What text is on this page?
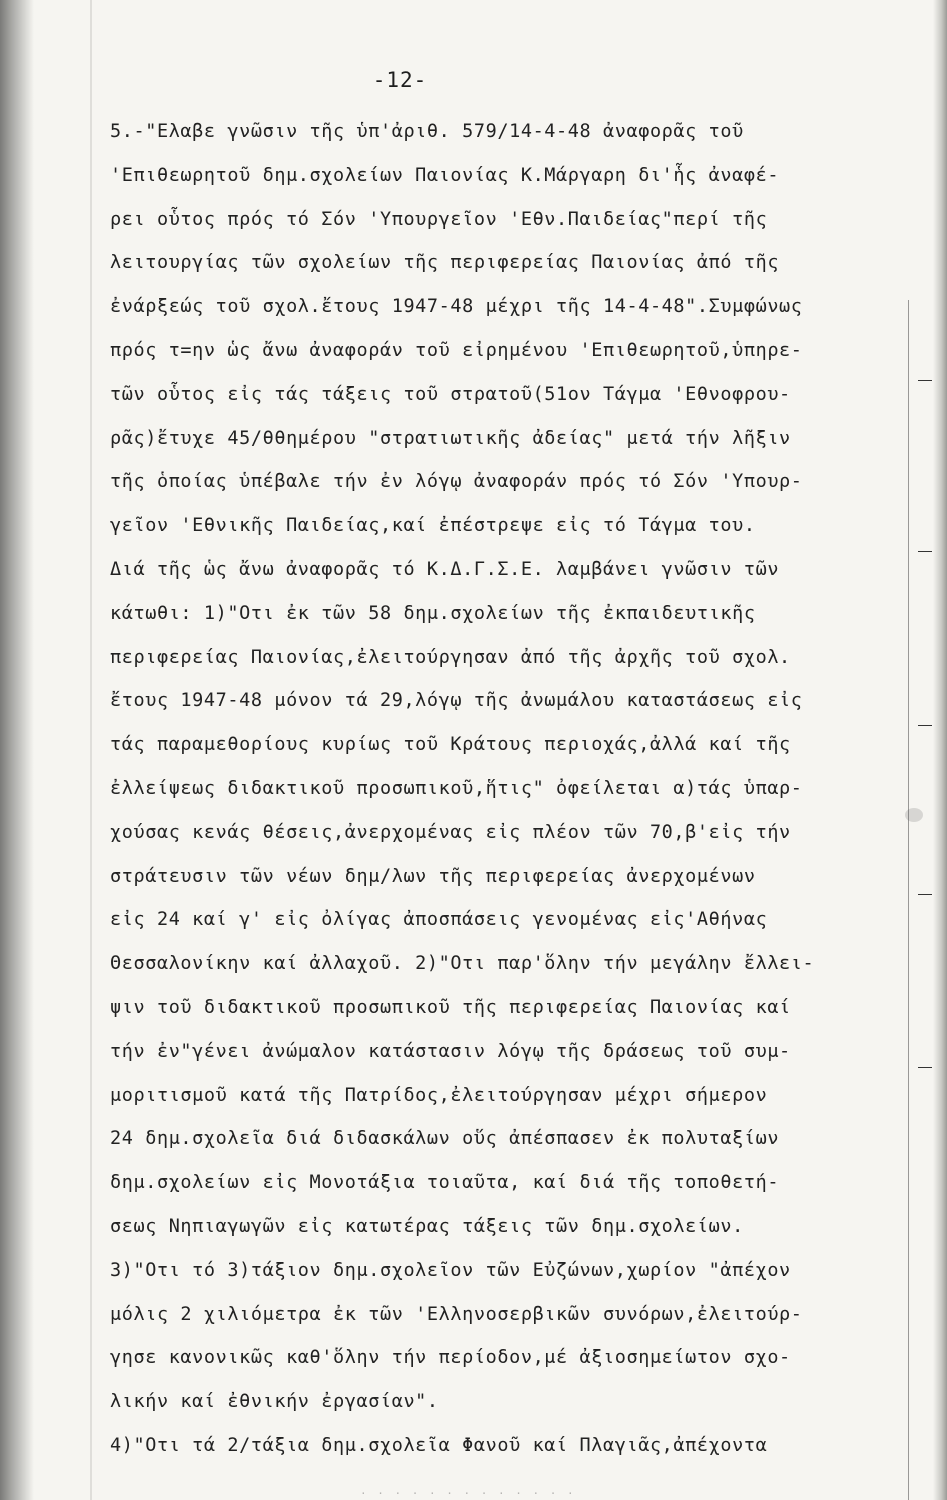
-12-
5.-"Ελαβε γνῶσιν τῆς ὑπ'ἀριθ. 579/14-4-48 ἀναφορᾶς τοῦ
'Επιθεωρητοῦ δημ.σχολείων Παιονίας Κ.Μάργαρη δι'ἧς ἀναφέ-
ρει οὗτος πρός τό Σόν 'Υπουργεῖον 'Εθν.Παιδείας"περί τῆς
λειτουργίας τῶν σχολείων τῆς περιφερείας Παιονίας ἀπό τῆς
ἐνάρξεώς τοῦ σχολ.ἔτους 1947-48 μέχρι τῆς 14-4-48".Συμφώνως
πρός τ=ην ὡς ἄνω ἀναφοράν τοῦ εἰρημένου 'Επιθεωρητοῦ,ὑπηρε-
τῶν οὗτος εἰς τάς τάξεις τοῦ στρατοῦ(51ον Τάγμα 'Εθνοφρου-
ρᾶς)ἔτυχε 45/θθημέρου "στρατιωτικῆς ἀδείας" μετά τήν λῆξιν
τῆς ὁποίας ὑπέβαλε τήν ἐν λόγῳ ἀναφοράν πρός τό Σόν 'Υπουρ-
γεῖον 'Εθνικῆς Παιδείας,καί ἐπέστρεψε εἰς τό Τάγμα του.
Διά τῆς ὡς ἄνω ἀναφορᾶς τό Κ.Δ.Γ.Σ.Ε. λαμβάνει γνῶσιν τῶν
κάτωθι: 1)"Οτι ἐκ τῶν 58 δημ.σχολείων τῆς ἐκπαιδευτικῆς
περιφερείας Παιονίας,ἐλειτούργησαν ἀπό τῆς ἀρχῆς τοῦ σχολ.
ἔτους 1947-48 μόνον τά 29,λόγῳ τῆς ἀνωμάλου καταστάσεως εἰς
τάς παραμεθορίους κυρίως τοῦ Κράτους περιοχάς,ἀλλά καί τῆς
ἐλλείψεως διδακτικοῦ προσωπικοῦ,ἥτις" ὀφείλεται α)τάς ὑπαρ-
χούσας κενάς θέσεις,ἀνερχομένας εἰς πλέον τῶν 70,β'εἰς τήν
στράτευσιν τῶν νέων δημ/λων τῆς περιφερείας ἀνερχομένων
εἰς 24 καί γ' εἰς ὀλίγας ἀποσπάσεις γενομένας εἰς'Αθήνας
Θεσσαλονίκην καί ἀλλαχοῦ. 2)"Οτι παρ'ὅλην τήν μεγάλην ἔλλει-
ψιν τοῦ διδακτικοῦ προσωπικοῦ τῆς περιφερείας Παιονίας καί
τήν ἐν"γένει ἀνώμαλον κατάστασιν λόγῳ τῆς δράσεως τοῦ συμ-
μοριτισμοῦ κατά τῆς Πατρίδος,ἐλειτούργησαν μέχρι σήμερον
24 δημ.σχολεῖα διά διδασκάλων οὕς ἀπέσπασεν ἐκ πολυταξίων
δημ.σχολείων εἰς Μονοτάξια τοιαῦτα, καί διά τῆς τοποθετή-
σεως Νηπιαγωγῶν εἰς κατωτέρας τάξεις τῶν δημ.σχολείων.
3)"Οτι τό 3)τάξιον δημ.σχολεῖον τῶν Εὐζώνων,χωρίον "ἀπέχον
μόλις 2 χιλιόμετρα ἐκ τῶν 'Ελληνοσερβικῶν συνόρων,ἐλειτούρ-
γησε κανονικῶς καθ'ὅλην τήν περίοδον,μέ ἀξιοσημείωτον σχο-
λικήν καί ἐθνικήν ἐργασίαν".
4)"Οτι τά 2/τάξια δημ.σχολεῖα Φανοῦ καί Πλαγιᾶς,ἀπέχοντα
· · · · · · · · · · · · ·
